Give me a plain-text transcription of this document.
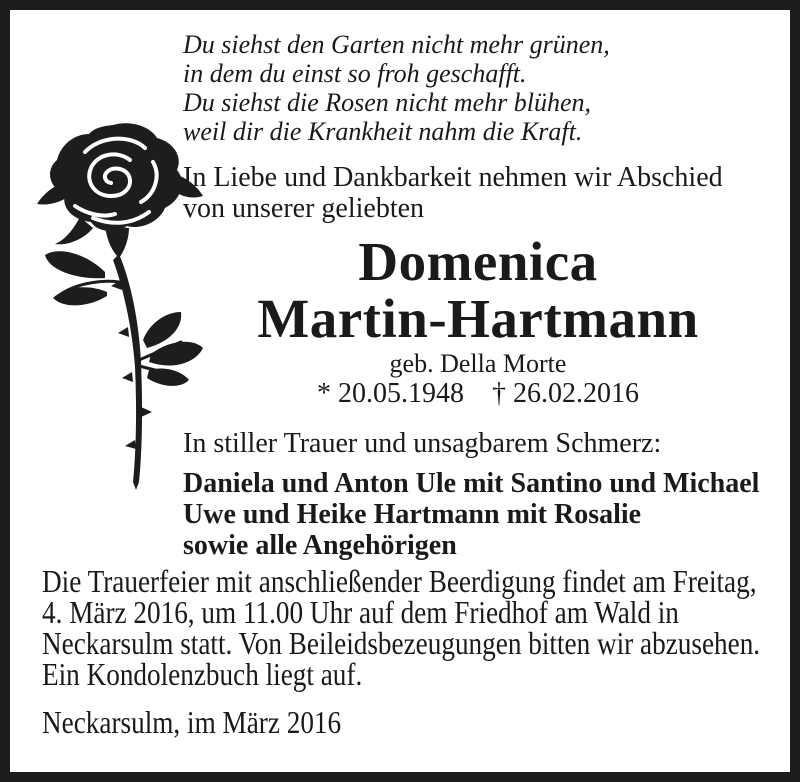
Du siehst den Garten nicht mehr grünen,
in dem du einst so froh geschafft.
Du siehst die Rosen nicht mehr blühen,
weil dir die Krankheit nahm die Kraft.
In Liebe und Dankbarkeit nehmen wir Abschied
von unserer geliebten
Domenica
Martin-Hartmann
geb. Della Morte
* 20.05.1948 † 26.02.2016
In stiller Trauer und unsagbarem Schmerz:
Daniela und Anton Ule mit Santino und Michael
Uwe und Heike Hartmann mit Rosalie
sowie alle Angehörigen
Die Trauerfeier mit anschließender Beerdigung findet am Freitag,
4. März 2016, um 11.00 Uhr auf dem Friedhof am Wald in
Neckarsulm statt. Von Beileidsbezeugungen bitten wir abzusehen.
Ein Kondolenzbuch liegt auf.
Neckarsulm, im März 2016
